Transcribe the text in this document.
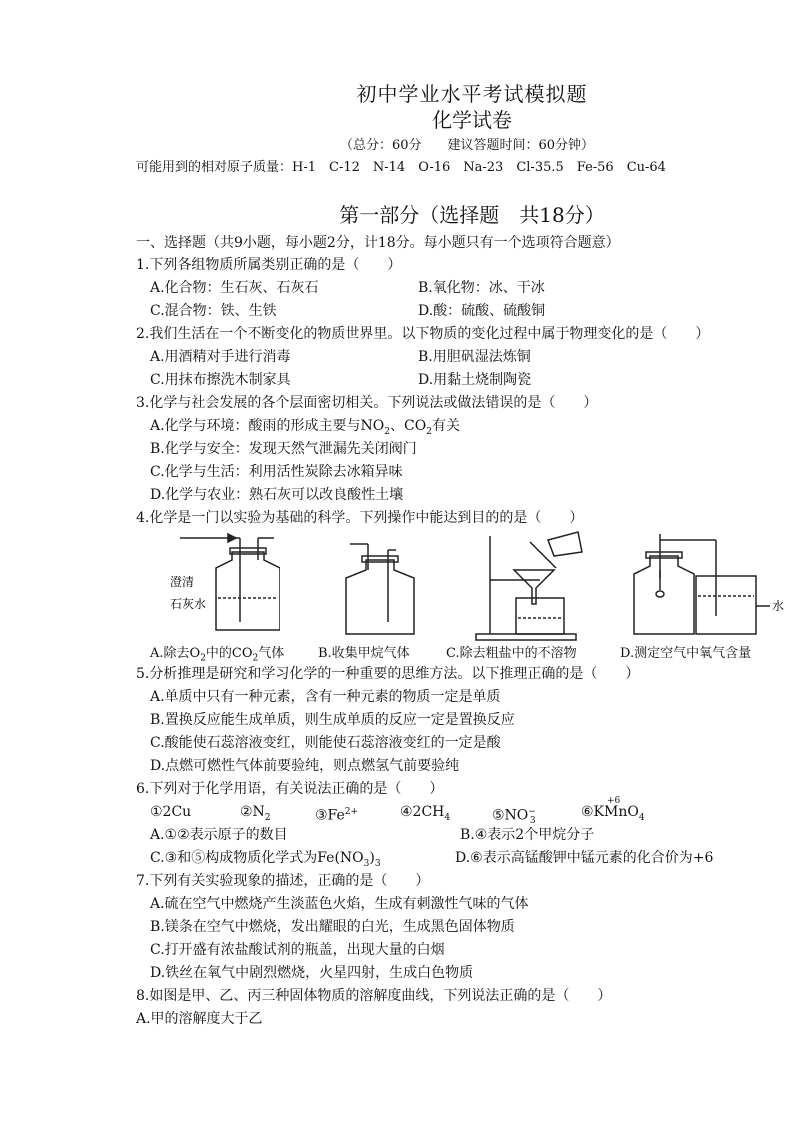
初中学业水平考试模拟题
化学试卷
（总分：60分　　建议答题时间：60分钟）
可能用到的相对原子质量：H-1　C-12　N-14　O-16　Na-23　Cl-35.5　Fe-56　Cu-64
第一部分（选择题　共18分）
一、选择题（共9小题，每小题2分，计18分。每小题只有一个选项符合题意）
1.下列各组物质所属类别正确的是（　　）
A.化合物：生石灰、石灰石	B.氧化物：冰、干冰
C.混合物：铁、生铁	D.酸：硫酸、硫酸铜
2.我们生活在一个不断变化的物质世界里。以下物质的变化过程中属于物理变化的是（　　）
A.用酒精对手进行消毒	B.用胆矾湿法炼铜
C.用抹布擦洗木制家具	D.用黏土烧制陶瓷
3.化学与社会发展的各个层面密切相关。下列说法或做法错误的是（　　）
A.化学与环境：酸雨的形成主要与$NO_2$、$CO_2$有关
B.化学与安全：发现天然气泄漏先关闭阀门
C.化学与生活：利用活性炭除去冰箱异味
D.化学与农业：熟石灰可以改良酸性土壤
4.化学是一门以实验为基础的科学。下列操作中能达到目的的是（　　）
澄清
石灰水	水
A.除去$O_2$中的$CO_2$气体	B.收集甲烷气体	C.除去粗盐中的不溶物	D.测定空气中氧气含量
5.分析推理是研究和学习化学的一种重要的思维方法。以下推理正确的是（　　）
A.单质中只有一种元素，含有一种元素的物质一定是单质
B.置换反应能生成单质，则生成单质的反应一定是置换反应
C.酸能使石蕊溶液变红，则能使石蕊溶液变红的一定是酸
D.点燃可燃性气体前要验纯，则点燃氢气前要验纯
6.下列对于化学用语，有关说法正确的是（　　）
①2Cu	$②N_2$	$③Fe^{2+}$	$④2CH_4$	$⑤NO^-_3$
+6
⑥KMnO$_4$
A.①②表示原子的数目	B.④表示2个甲烷分子
C.③和⑤构成物质化学式为$Fe(NO_3)_3$	D.⑥表示高锰酸钾中锰元素的化合价为+6
7.下列有关实验现象的描述，正确的是（　　）
A.硫在空气中燃烧产生淡蓝色火焰，生成有刺激性气味的气体
B.镁条在空气中燃烧，发出耀眼的白光，生成黑色固体物质
C.打开盛有浓盐酸试剂的瓶盖，出现大量的白烟
D.铁丝在氧气中剧烈燃烧，火星四射，生成白色物质
8.如图是甲、乙、丙三种固体物质的溶解度曲线，下列说法正确的是（　　）
A.甲的溶解度大于乙
